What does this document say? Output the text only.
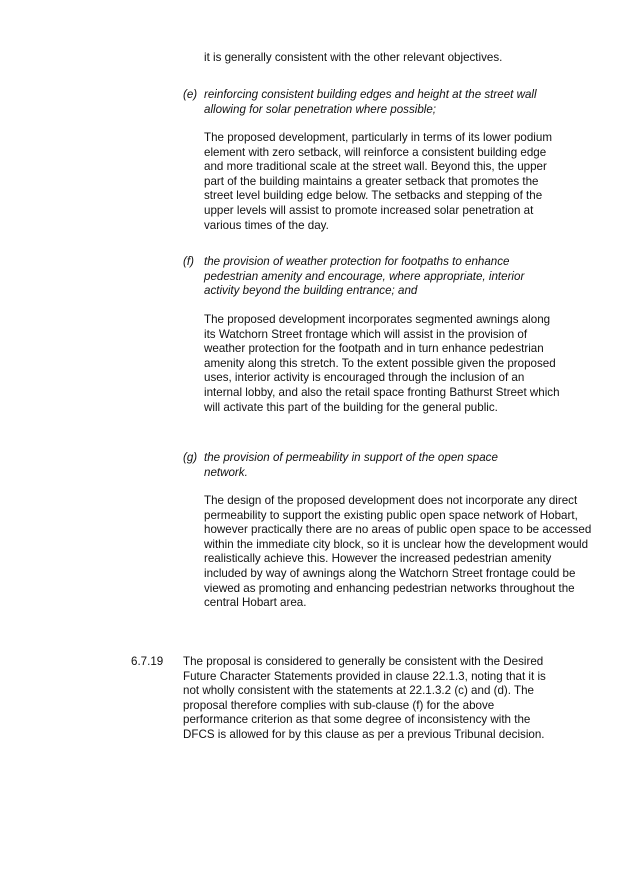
it is generally consistent with the other relevant objectives.

(e) reinforcing consistent building edges and height at the street wall allowing for solar penetration where possible;

The proposed development, particularly in terms of its lower podium element with zero setback, will reinforce a consistent building edge and more traditional scale at the street wall. Beyond this, the upper part of the building maintains a greater setback that promotes the street level building edge below. The setbacks and stepping of the upper levels will assist to promote increased solar penetration at various times of the day.

(f) the provision of weather protection for footpaths to enhance pedestrian amenity and encourage, where appropriate, interior activity beyond the building entrance; and

The proposed development incorporates segmented awnings along its Watchorn Street frontage which will assist in the provision of weather protection for the footpath and in turn enhance pedestrian amenity along this stretch. To the extent possible given the proposed uses, interior activity is encouraged through the inclusion of an internal lobby, and also the retail space fronting Bathurst Street which will activate this part of the building for the general public.

(g) the provision of permeability in support of the open space network.

The design of the proposed development does not incorporate any direct permeability to support the existing public open space network of Hobart, however practically there are no areas of public open space to be accessed within the immediate city block, so it is unclear how the development would realistically achieve this. However the increased pedestrian amenity included by way of awnings along the Watchorn Street frontage could be viewed as promoting and enhancing pedestrian networks throughout the central Hobart area.

6.7.19 The proposal is considered to generally be consistent with the Desired Future Character Statements provided in clause 22.1.3, noting that it is not wholly consistent with the statements at 22.1.3.2 (c) and (d). The proposal therefore complies with sub-clause (f) for the above performance criterion as that some degree of inconsistency with the DFCS is allowed for by this clause as per a previous Tribunal decision.
